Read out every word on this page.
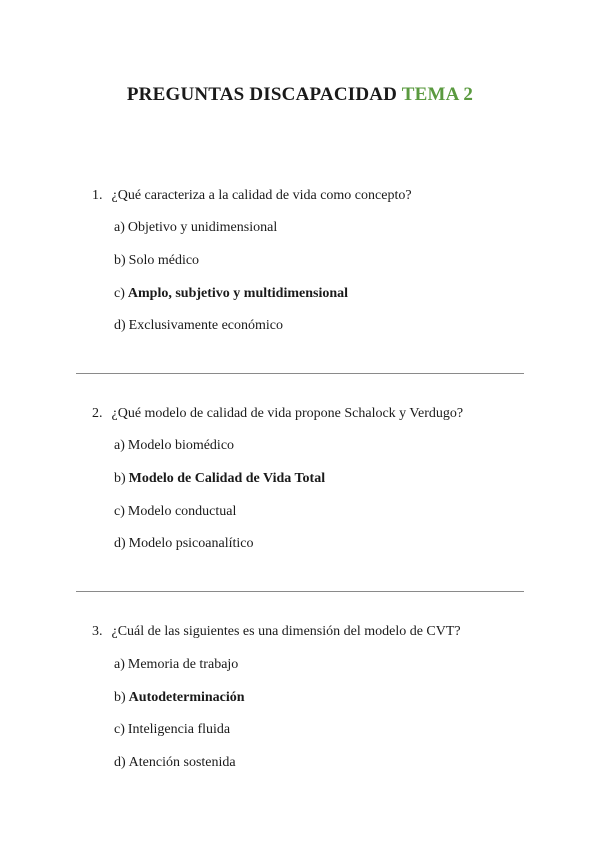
PREGUNTAS DISCAPACIDAD TEMA 2
1. ¿Qué caracteriza a la calidad de vida como concepto?
a) Objetivo y unidimensional
b) Solo médico
c) Amplo, subjetivo y multidimensional
d) Exclusivamente económico
2. ¿Qué modelo de calidad de vida propone Schalock y Verdugo?
a) Modelo biomédico
b) Modelo de Calidad de Vida Total
c) Modelo conductual
d) Modelo psicoanalítico
3. ¿Cuál de las siguientes es una dimensión del modelo de CVT?
a) Memoria de trabajo
b) Autodeterminación
c) Inteligencia fluida
d) Atención sostenida
